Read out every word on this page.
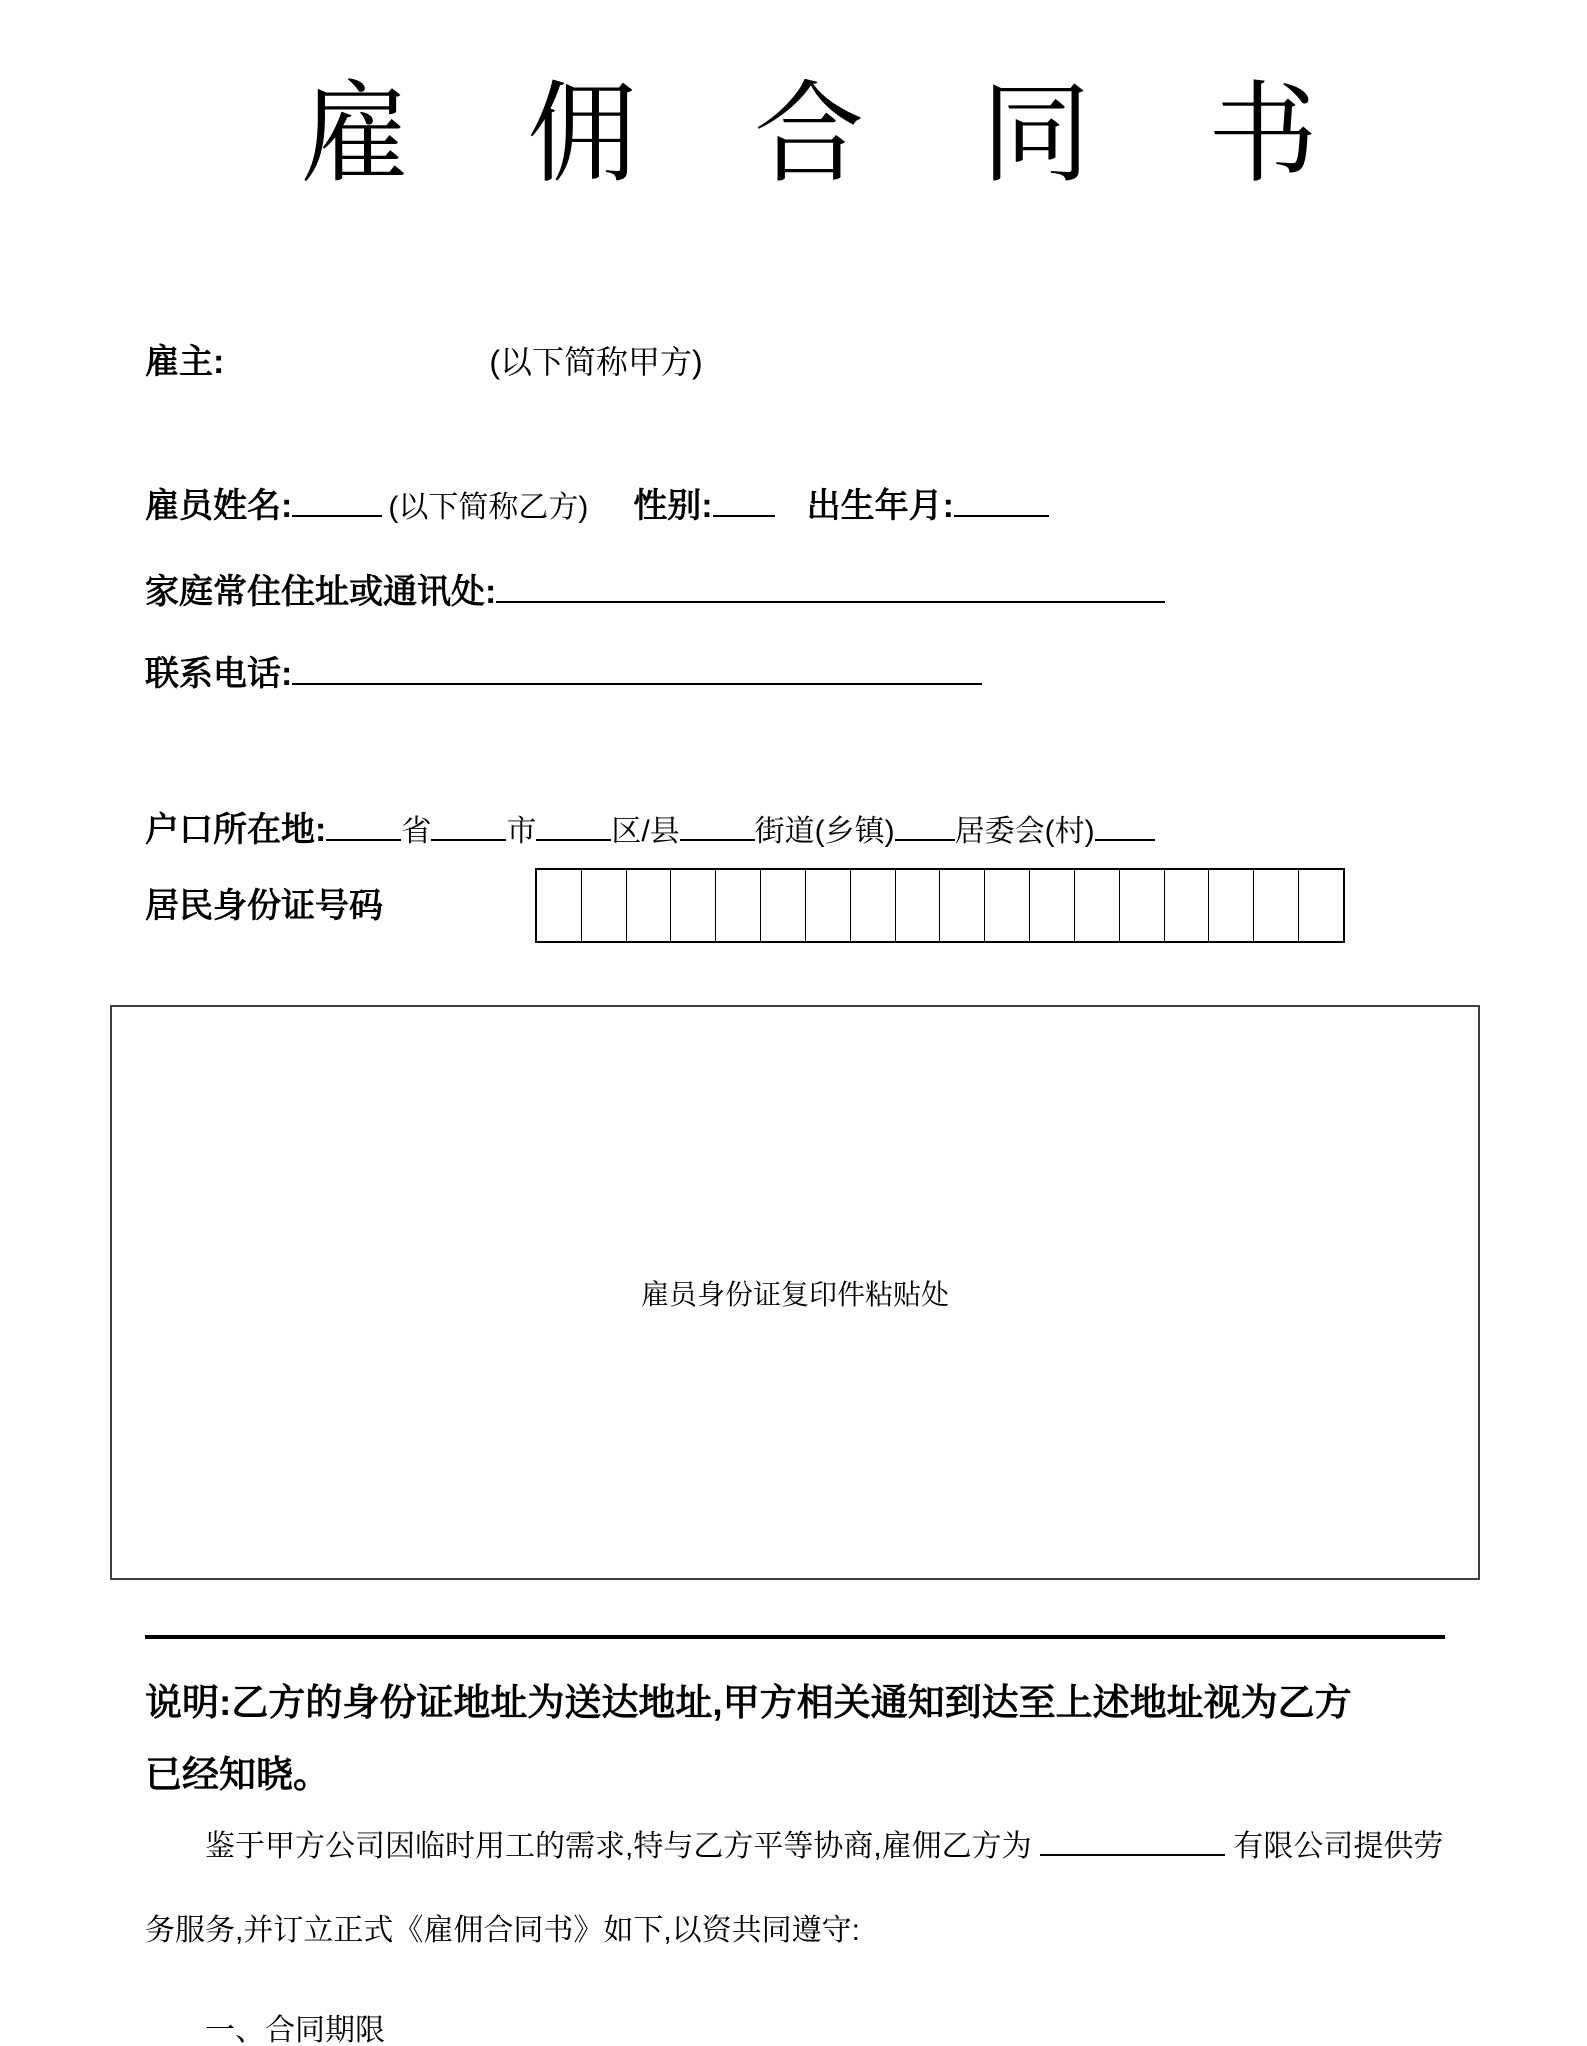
雇佣合同书
雇主:	(以下简称甲方)
雇员姓名:	(以下简称乙方) 性别:	出生年月:
家庭常住住址或通讯处:
联系电话:
户口所在地:	省	市	区/县	街道(乡镇) 居委会(村)
居民身份证号码
雇员身份证复印件粘贴处
说明:乙方的身份证地址为送达地址,甲方相关通知到达至上述地址视为乙方
已经知晓。
鉴于甲方公司因临时用工的需求,特与乙方平等协商,雇佣乙方为	有限公司提供劳
务服务,并订立正式《雇佣合同书》如下,以资共同遵守:
一、合同期限
